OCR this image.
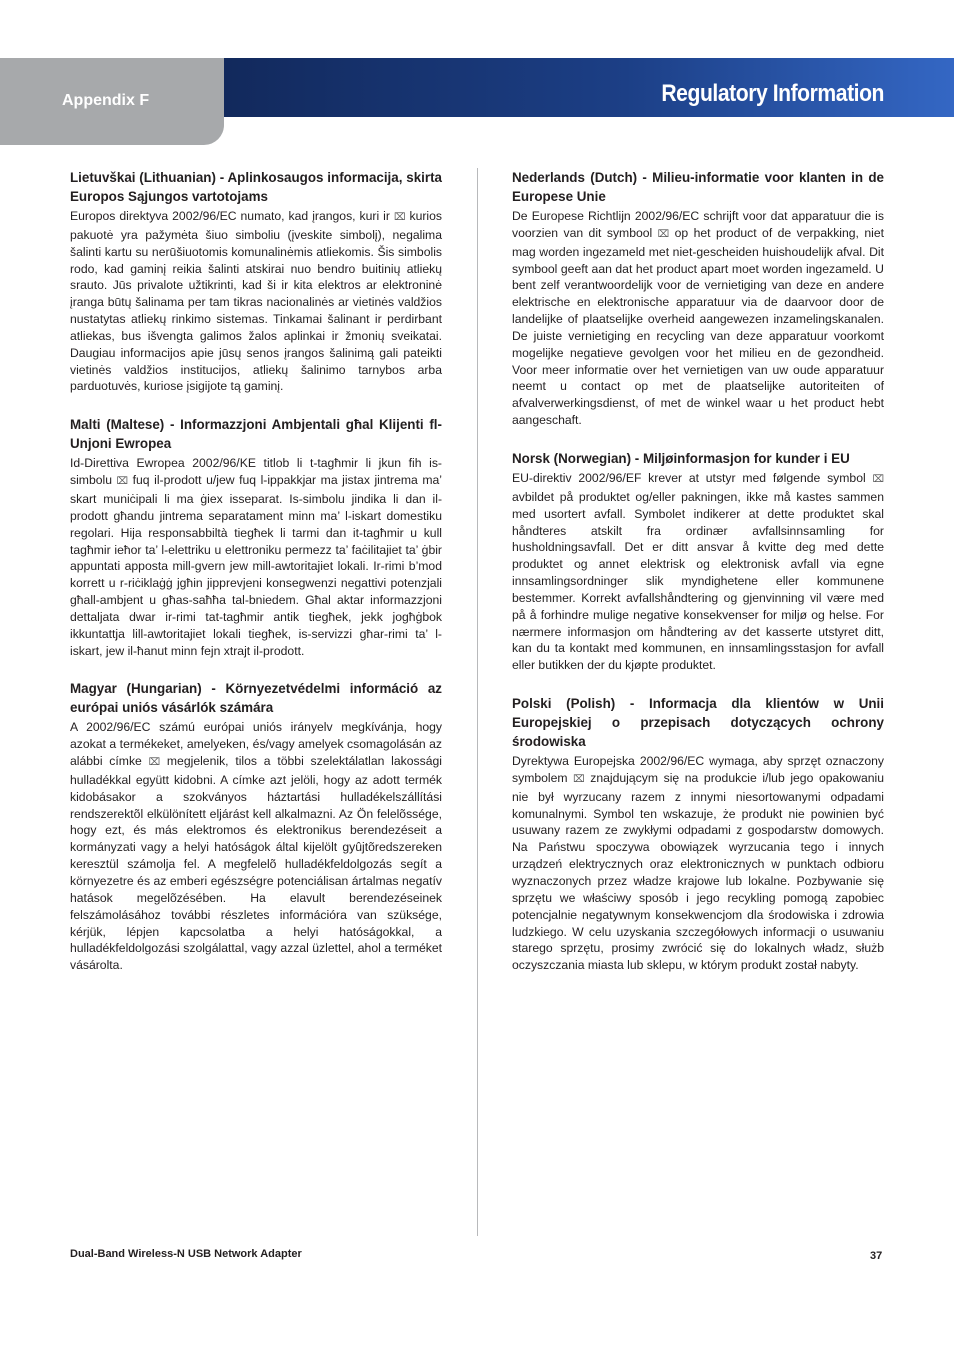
Appendix F	Regulatory Information
Lietuvškai (Lithuanian) - Aplinkosaugos informacija, skirta Europos Sąjungos vartotojams

Europos direktyva 2002/96/EC numato, kad įrangos, kuri ir ⌧ kurios pakuotė yra pažymėta šiuo simboliu (įveskite simbolį), negalima šalinti kartu su nerūšiuotomis komunalinėmis atliekomis. Šis simbolis rodo, kad gaminį reikia šalinti atskirai nuo bendro buitinių atliekų srauto. Jūs privalote užtikrinti, kad ši ir kita elektros ar elektroninė įranga būtų šalinama per tam tikras nacionalinės ar vietinės valdžios nustatytas atliekų rinkimo sistemas. Tinkamai šalinant ir perdirbant atliekas, bus išvengta galimos žalos aplinkai ir žmonių sveikatai. Daugiau informacijos apie jūsų senos įrangos šalinimą gali pateikti vietinės valdžios institucijos, atliekų šalinimo tarnybos arba parduotuvės, kuriose įsigijote tą gaminį.

Malti (Maltese) - Informazzjoni Ambjentali għal Klijenti fl-Unjoni Ewropea

Id-Direttiva Ewropea 2002/96/KE titlob li t-tagħmir li jkun fih is-simbolu ⌧ fuq il-prodott u/jew fuq l-ippakkjar ma jistax jintrema ma’ skart muniċipali li ma ġiex isseparat. Is-simbolu jindika li dan il-prodott għandu jintrema separatament minn ma’ l-iskart domestiku regolari. Hija responsabbiltà tiegħek li tarmi dan it-tagħmir u kull tagħmir ieħor ta’ l-elettriku u elettroniku permezz ta’ faċilitajiet ta’ ġbir appuntati apposta mill-gvern jew mill-awtoritajiet lokali. Ir-rimi b’mod korrett u r-riċiklaġġ jgħin jipprevjeni konsegwenzi negattivi potenzjali għall-ambjent u għas-saħħa tal-bniedem. Għal aktar informazzjoni dettaljata dwar ir-rimi tat-tagħmir antik tiegħek, jekk jogħġbok ikkuntattja lill-awtoritajiet lokali tiegħek, is-servizzi għar-rimi ta’ l-iskart, jew il-ħanut minn fejn xtrajt il-prodott.

Magyar (Hungarian) - Környezetvédelmi információ az európai uniós vásárlók számára

A 2002/96/EC számú európai uniós irányelv megkívánja, hogy azokat a termékeket, amelyeken, és/vagy amelyek csomagolásán az alábbi címke ⌧ megjelenik, tilos a többi szelektálatlan lakossági hulladékkal együtt kidobni. A címke azt jelöli, hogy az adott termék kidobásakor a szokványos háztartási hulladékelszállítási rendszerektõl elkülönített eljárást kell alkalmazni. Az Ön felelõssége, hogy ezt, és más elektromos és elektronikus berendezéseit a kormányzati vagy a helyi hatóságok által kijelölt gyûjtõredszereken keresztül számolja fel. A megfelelõ hulladékfeldolgozás segít a környezetre és az emberi egészségre potenciálisan ártalmas negatív hatások megelõzésében. Ha elavult berendezéseinek felszámolásához további részletes információra van szüksége, kérjük, lépjen kapcsolatba a helyi hatóságokkal, a hulladékfeldolgozási szolgálattal, vagy azzal üzlettel, ahol a terméket vásárolta.

Nederlands (Dutch) - Milieu-informatie voor klanten in de Europese Unie

De Europese Richtlijn 2002/96/EC schrijft voor dat apparatuur die is voorzien van dit symbool ⌧ op het product of de verpakking, niet mag worden ingezameld met niet-gescheiden huishoudelijk afval. Dit symbool geeft aan dat het product apart moet worden ingezameld. U bent zelf verantwoordelijk voor de vernietiging van deze en andere elektrische en elektronische apparatuur via de daarvoor door de landelijke of plaatselijke overheid aangewezen inzamelingskanalen. De juiste vernietiging en recycling van deze apparatuur voorkomt mogelijke negatieve gevolgen voor het milieu en de gezondheid. Voor meer informatie over het vernietigen van uw oude apparatuur neemt u contact op met de plaatselijke autoriteiten of afvalverwerkingsdienst, of met de winkel waar u het product hebt aangeschaft.

Norsk (Norwegian) - Miljøinformasjon for kunder i EU

EU-direktiv 2002/96/EF krever at utstyr med følgende symbol ⌧ avbildet på produktet og/eller pakningen, ikke må kastes sammen med usortert avfall. Symbolet indikerer at dette produktet skal håndteres atskilt fra ordinær avfallsinnsamling for husholdningsavfall. Det er ditt ansvar å kvitte deg med dette produktet og annet elektrisk og elektronisk avfall via egne innsamlingsordninger slik myndighetene eller kommunene bestemmer. Korrekt avfallshåndtering og gjenvinning vil være med på å forhindre mulige negative konsekvenser for miljø og helse. For nærmere informasjon om håndtering av det kasserte utstyret ditt, kan du ta kontakt med kommunen, en innsamlingsstasjon for avfall eller butikken der du kjøpte produktet.

Polski (Polish) - Informacja dla klientów w Unii Europejskiej o przepisach dotyczących ochrony środowiska

Dyrektywa Europejska 2002/96/EC wymaga, aby sprzęt oznaczony symbolem ⌧ znajdującym się na produkcie i/lub jego opakowaniu nie był wyrzucany razem z innymi niesortowanymi odpadami komunalnymi. Symbol ten wskazuje, że produkt nie powinien być usuwany razem ze zwykłymi odpadami z gospodarstw domowych. Na Państwu spoczywa obowiązek wyrzucania tego i innych urządzeń elektrycznych oraz elektronicznych w punktach odbioru wyznaczonych przez władze krajowe lub lokalne. Pozbywanie się sprzętu we właściwy sposób i jego recykling pomogą zapobiec potencjalnie negatywnym konsekwencjom dla środowiska i zdrowia ludzkiego. W celu uzyskania szczegółowych informacji o usuwaniu starego sprzętu, prosimy zwrócić się do lokalnych władz, służb oczyszczania miasta lub sklepu, w którym produkt został nabyty.

Dual-Band Wireless-N USB Network Adapter	37
